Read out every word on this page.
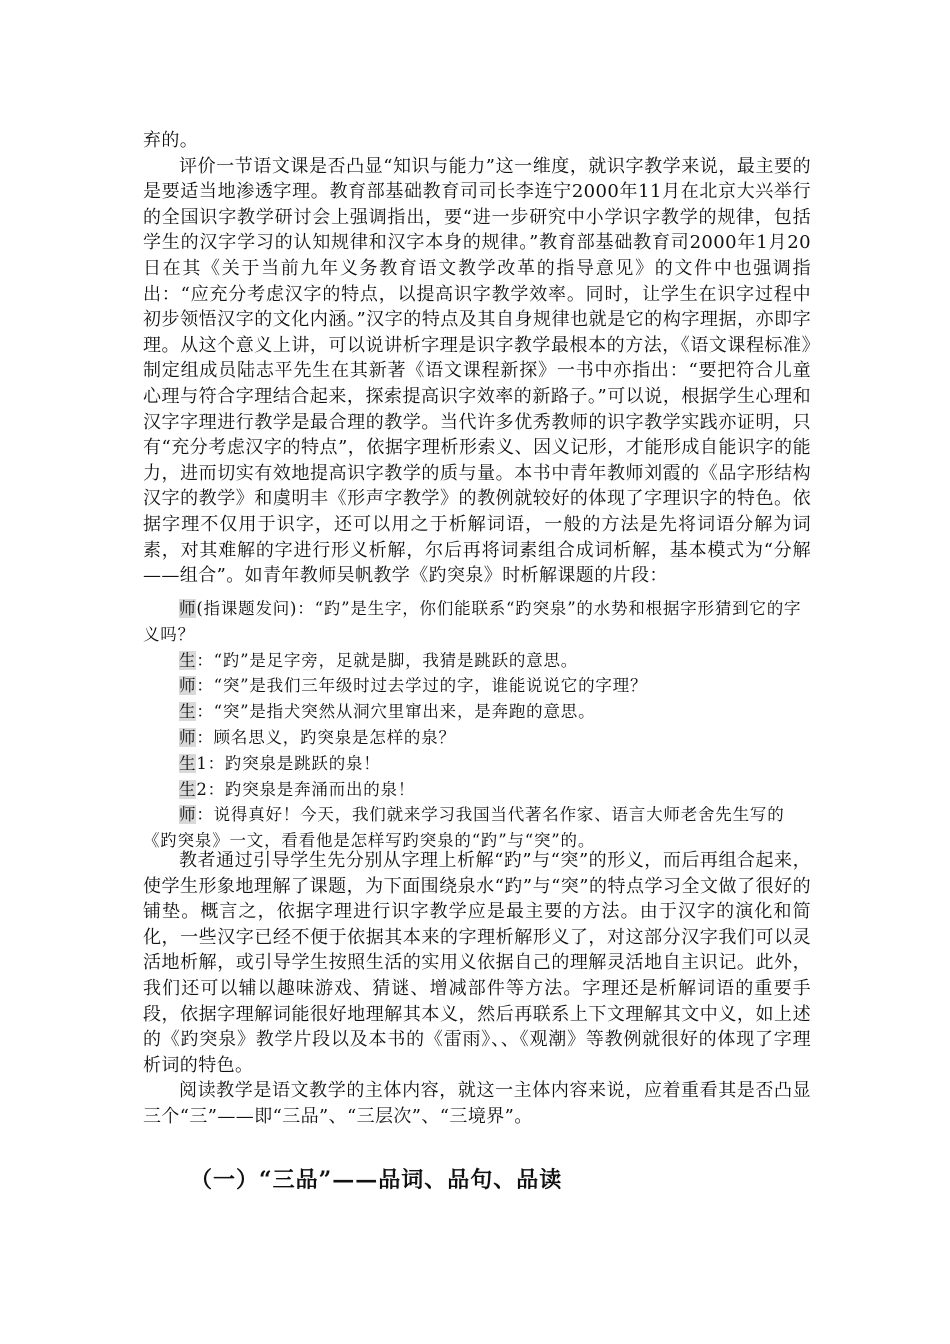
弃的。

评价一节语文课是否凸显“知识与能力”这一维度，就识字教学来说，最主要的是要适当地渗透字理。教育部基础教育司司长李连宁2000年11月在北京大兴举行的全国识字教学研讨会上强调指出，要“进一步研究中小学识字教学的规律，包括学生的汉字学习的认知规律和汉字本身的规律。”教育部基础教育司2000年1月20日在其《关于当前九年义务教育语文教学改革的指导意见》的文件中也强调指出：“应充分考虑汉字的特点，以提高识字教学效率。同时，让学生在识字过程中初步领悟汉字的文化内涵。”汉字的特点及其自身规律也就是它的构字理据，亦即字理。从这个意义上讲，可以说讲析字理是识字教学最根本的方法，《语文课程标准》制定组成员陆志平先生在其新著《语文课程新探》一书中亦指出：“要把符合儿童心理与符合字理结合起来，探索提高识字效率的新路子。”可以说，根据学生心理和汉字字理进行教学是最合理的教学。当代许多优秀教师的识字教学实践亦证明，只有“充分考虑汉字的特点”，依据字理析形索义、因义记形，才能形成自能识字的能力，进而切实有效地提高识字教学的质与量。本书中青年教师刘霞的《品字形结构汉字的教学》和虞明丰《形声字教学》的教例就较好的体现了字理识字的特色。依据字理不仅用于识字，还可以用之于析解词语，一般的方法是先将词语分解为词素，对其难解的字进行形义析解，尔后再将词素组合成词析解，基本模式为“分解——组合”。如青年教师吴帆教学《趵突泉》时析解课题的片段：

师(指课题发问)：“趵”是生字，你们能联系“趵突泉”的水势和根据字形猜到它的字义吗？

生：“趵”是足字旁，足就是脚，我猜是跳跃的意思。

师：“突”是我们三年级时过去学过的字，谁能说说它的字理？

生：“突”是指犬突然从洞穴里窜出来，是奔跑的意思。

师：顾名思义，趵突泉是怎样的泉？

生1：趵突泉是跳跃的泉！

生2：趵突泉是奔涌而出的泉！

师：说得真好！今天，我们就来学习我国当代著名作家、语言大师老舍先生写的《趵突泉》一文，看看他是怎样写趵突泉的“趵”与“突”的。

教者通过引导学生先分别从字理上析解“趵”与“突”的形义，而后再组合起来，使学生形象地理解了课题，为下面围绕泉水“趵”与“突”的特点学习全文做了很好的铺垫。概言之，依据字理进行识字教学应是最主要的方法。由于汉字的演化和简化，一些汉字已经不便于依据其本来的字理析解形义了，对这部分汉字我们可以灵活地析解，或引导学生按照生活的实用义依据自己的理解灵活地自主识记。此外，我们还可以辅以趣味游戏、猜谜、增减部件等方法。字理还是析解词语的重要手段，依据字理解词能很好地理解其本义，然后再联系上下文理解其文中义，如上述的《趵突泉》教学片段以及本书的《雷雨》、、《观潮》等教例就很好的体现了字理析词的特色。

阅读教学是语文教学的主体内容，就这一主体内容来说，应着重看其是否凸显三个“三”——即“三品”、“三层次”、“三境界”。

（一）“三品”——品词、品句、品读
